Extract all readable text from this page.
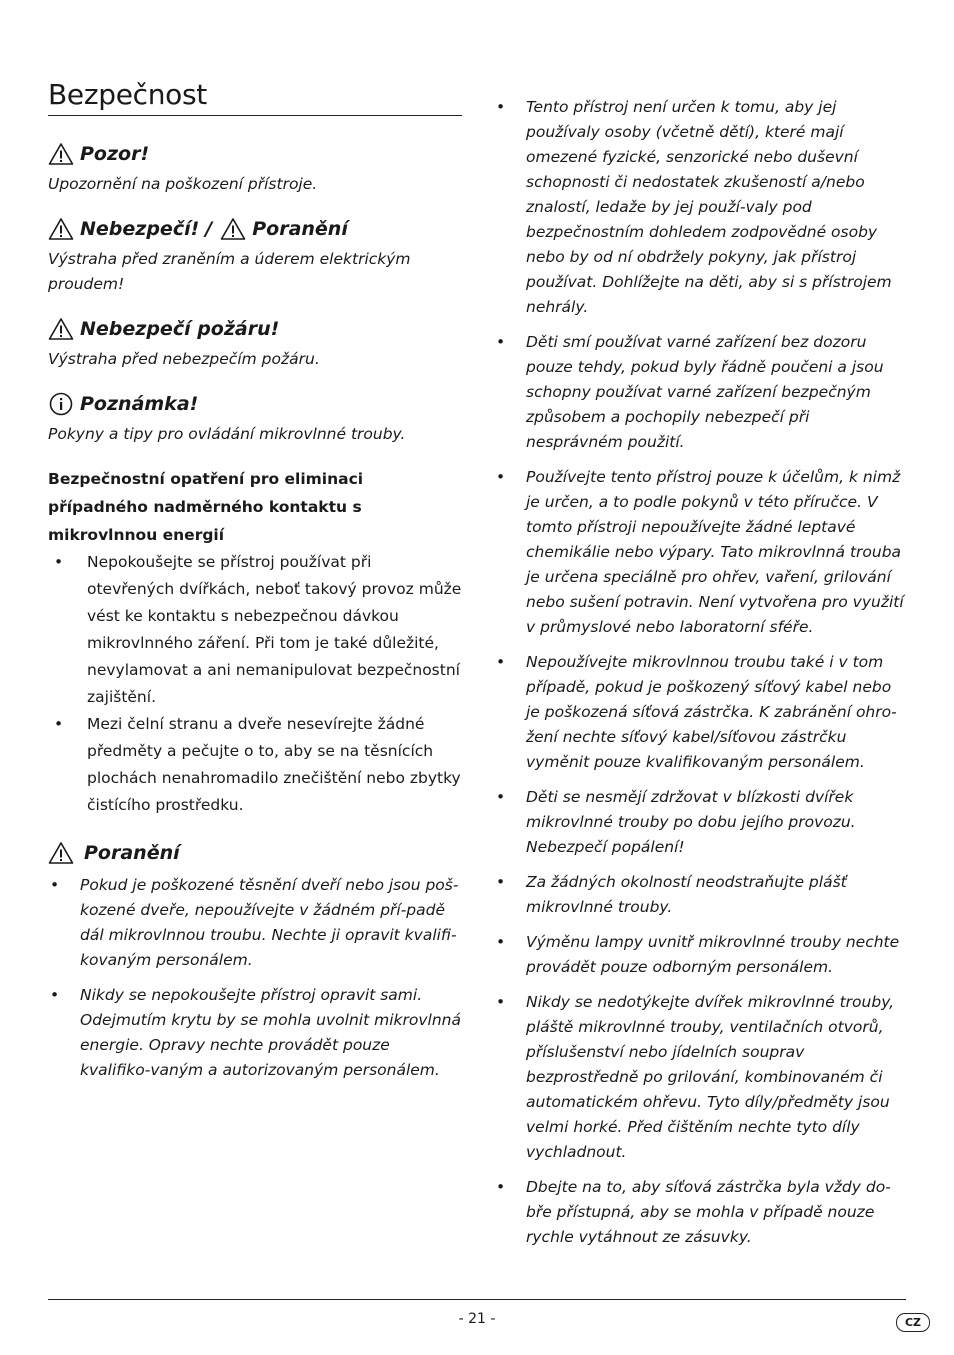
Bezpečnost
Pozor!
Upozornění na poškození přístroje.
Nebezpečí! / Poranění
Výstraha před zraněním a úderem elektrickým proudem!
Nebezpečí požáru!
Výstraha před nebezpečím požáru.
Poznámka!
Pokyny a tipy pro ovládání mikrovlnné trouby.
Bezpečnostní opatření pro eliminaci případného nadměrného kontaktu s mikrovlnnou energií
• Nepokoušejte se přístroj používat při otevřených dvířkách, neboť takový provoz může vést ke kontaktu s nebezpečnou dávkou mikrovlnného záření. Při tom je také důležité, nevylamovat a ani nemanipulovat bezpečnostní zajištění.
• Mezi čelní stranu a dveře nesevírejte žádné předměty a pečujte o to, aby se na těsnících plochách nenahromadilo znečištění nebo zbytky čistícího prostředku.
Poranění
• Pokud je poškozené těsnění dveří nebo jsou poš-kozené dveře, nepoužívejte v žádném pří-padě dál mikrovlnnou troubu. Nechte ji opravit kvalifi-kovaným personálem.
• Nikdy se nepokoušejte přístroj opravit sami. Odejmutím krytu by se mohla uvolnit mikrovlnná energie. Opravy nechte provádět pouze kvalifiko-vaným a autorizovaným personálem.
• Tento přístroj není určen k tomu, aby jej používaly osoby (včetně dětí), které mají omezené fyzické, senzorické nebo duševní schopnosti či nedostatek zkušeností a/nebo znalostí, ledaže by jej použí-valy pod bezpečnostním dohledem zodpovědné osoby nebo by od ní obdržely pokyny, jak přístroj používat. Dohlížejte na děti, aby si s přístrojem nehrály.
• Děti smí používat varné zařízení bez dozoru pouze tehdy, pokud byly řádně poučeni a jsou schopny používat varné zařízení bezpečným způsobem a pochopily nebezpečí při nesprávném použití.
• Používejte tento přístroj pouze k účelům, k nimž je určen, a to podle pokynů v této příručce. V tomto přístroji nepoužívejte žádné leptavé chemikálie nebo výpary. Tato mikrovlnná trouba je určena speciálně pro ohřev, vaření, grilování nebo sušení potravin. Není vytvořena pro využití v průmyslové nebo laboratorní sféře.
• Nepoužívejte mikrovlnnou troubu také i v tom případě, pokud je poškozený síťový kabel nebo je poškozená síťová zástrčka. K zabránění ohro-žení nechte síťový kabel/síťovou zástrčku vyměnit pouze kvalifikovaným personálem.
• Děti se nesmějí zdržovat v blízkosti dvířek mikrovlnné trouby po dobu jejího provozu. Nebezpečí popálení!
• Za žádných okolností neodstraňujte plášť mikrovlnné trouby.
• Výměnu lampy uvnitř mikrovlnné trouby nechte provádět pouze odborným personálem.
• Nikdy se nedotýkejte dvířek mikrovlnné trouby, pláště mikrovlnné trouby, ventilačních otvorů, příslušenství nebo jídelních souprav bezprostředně po grilování, kombinovaném či automatickém ohřevu. Tyto díly/předměty jsou velmi horké. Před čištěním nechte tyto díly vychladnout.
• Dbejte na to, aby síťová zástrčka byla vždy do-bře přístupná, aby se mohla v případě nouze rychle vytáhnout ze zásuvky.
- 21 -	CZ
